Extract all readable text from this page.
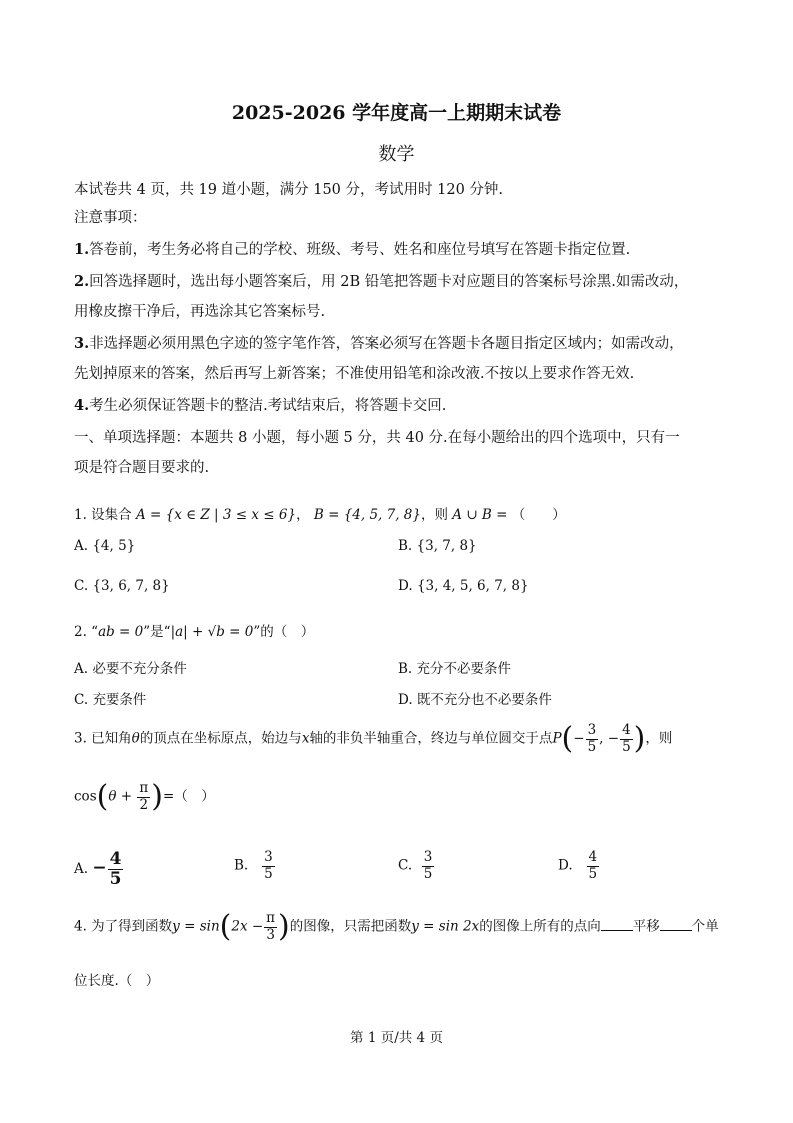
2025-2026 学年度高一上期期末试卷
数学
本试卷共 4 页，共 19 道小题，满分 150 分，考试用时 120 分钟.
注意事项：
1.答卷前，考生务必将自己的学校、班级、考号、姓名和座位号填写在答题卡指定位置.
2.回答选择题时，选出每小题答案后，用 2B 铅笔把答题卡对应题目的答案标号涂黑.如需改动，
用橡皮擦干净后，再选涂其它答案标号.
3.非选择题必须用黑色字迹的签字笔作答，答案必须写在答题卡各题目指定区域内；如需改动，
先划掉原来的答案，然后再写上新答案；不准使用铅笔和涂改液.不按以上要求作答无效.
4.考生必须保证答题卡的整洁.考试结束后，将答题卡交回.
一、单项选择题：本题共 8 小题，每小题 5 分，共 40 分.在每小题给出的四个选项中，只有一
项是符合题目要求的.
1. 设集合 A = {x ∈ Z | 3 ≤ x ≤ 6}， B = {4, 5, 7, 8}，则 A ∪ B = （　　）
A. {4, 5}	B. {3, 7, 8}
C. {3, 6, 7, 8}	D. {3, 4, 5, 6, 7, 8}
2. “ab = 0”是“|a| + √b = 0”的（　）
A. 必要不充分条件	B. 充分不必要条件
C. 充要条件	D. 既不充分也不必要条件
3. 已知角θ的顶点在坐标原点，始边与x轴的非负半轴重合，终边与单位圆交于点$P(- \frac{3}{5}$ , − $\frac{4}{5}$ )，则
$\cos(\theta + \frac{\pi}{2}$ )=（　）
A. − $\frac{4}{5}$	B. $\frac{3}{5}$	C. $\frac{3}{5}$	D. $\frac{4}{5}$
4. 为了得到函数$y = \sin(2x - \frac{\pi}{3}$ )的图像，只需把函数y = sin 2x的图像上所有的点向 平移 个单
位长度.（　）
第 1 页/共 4 页
